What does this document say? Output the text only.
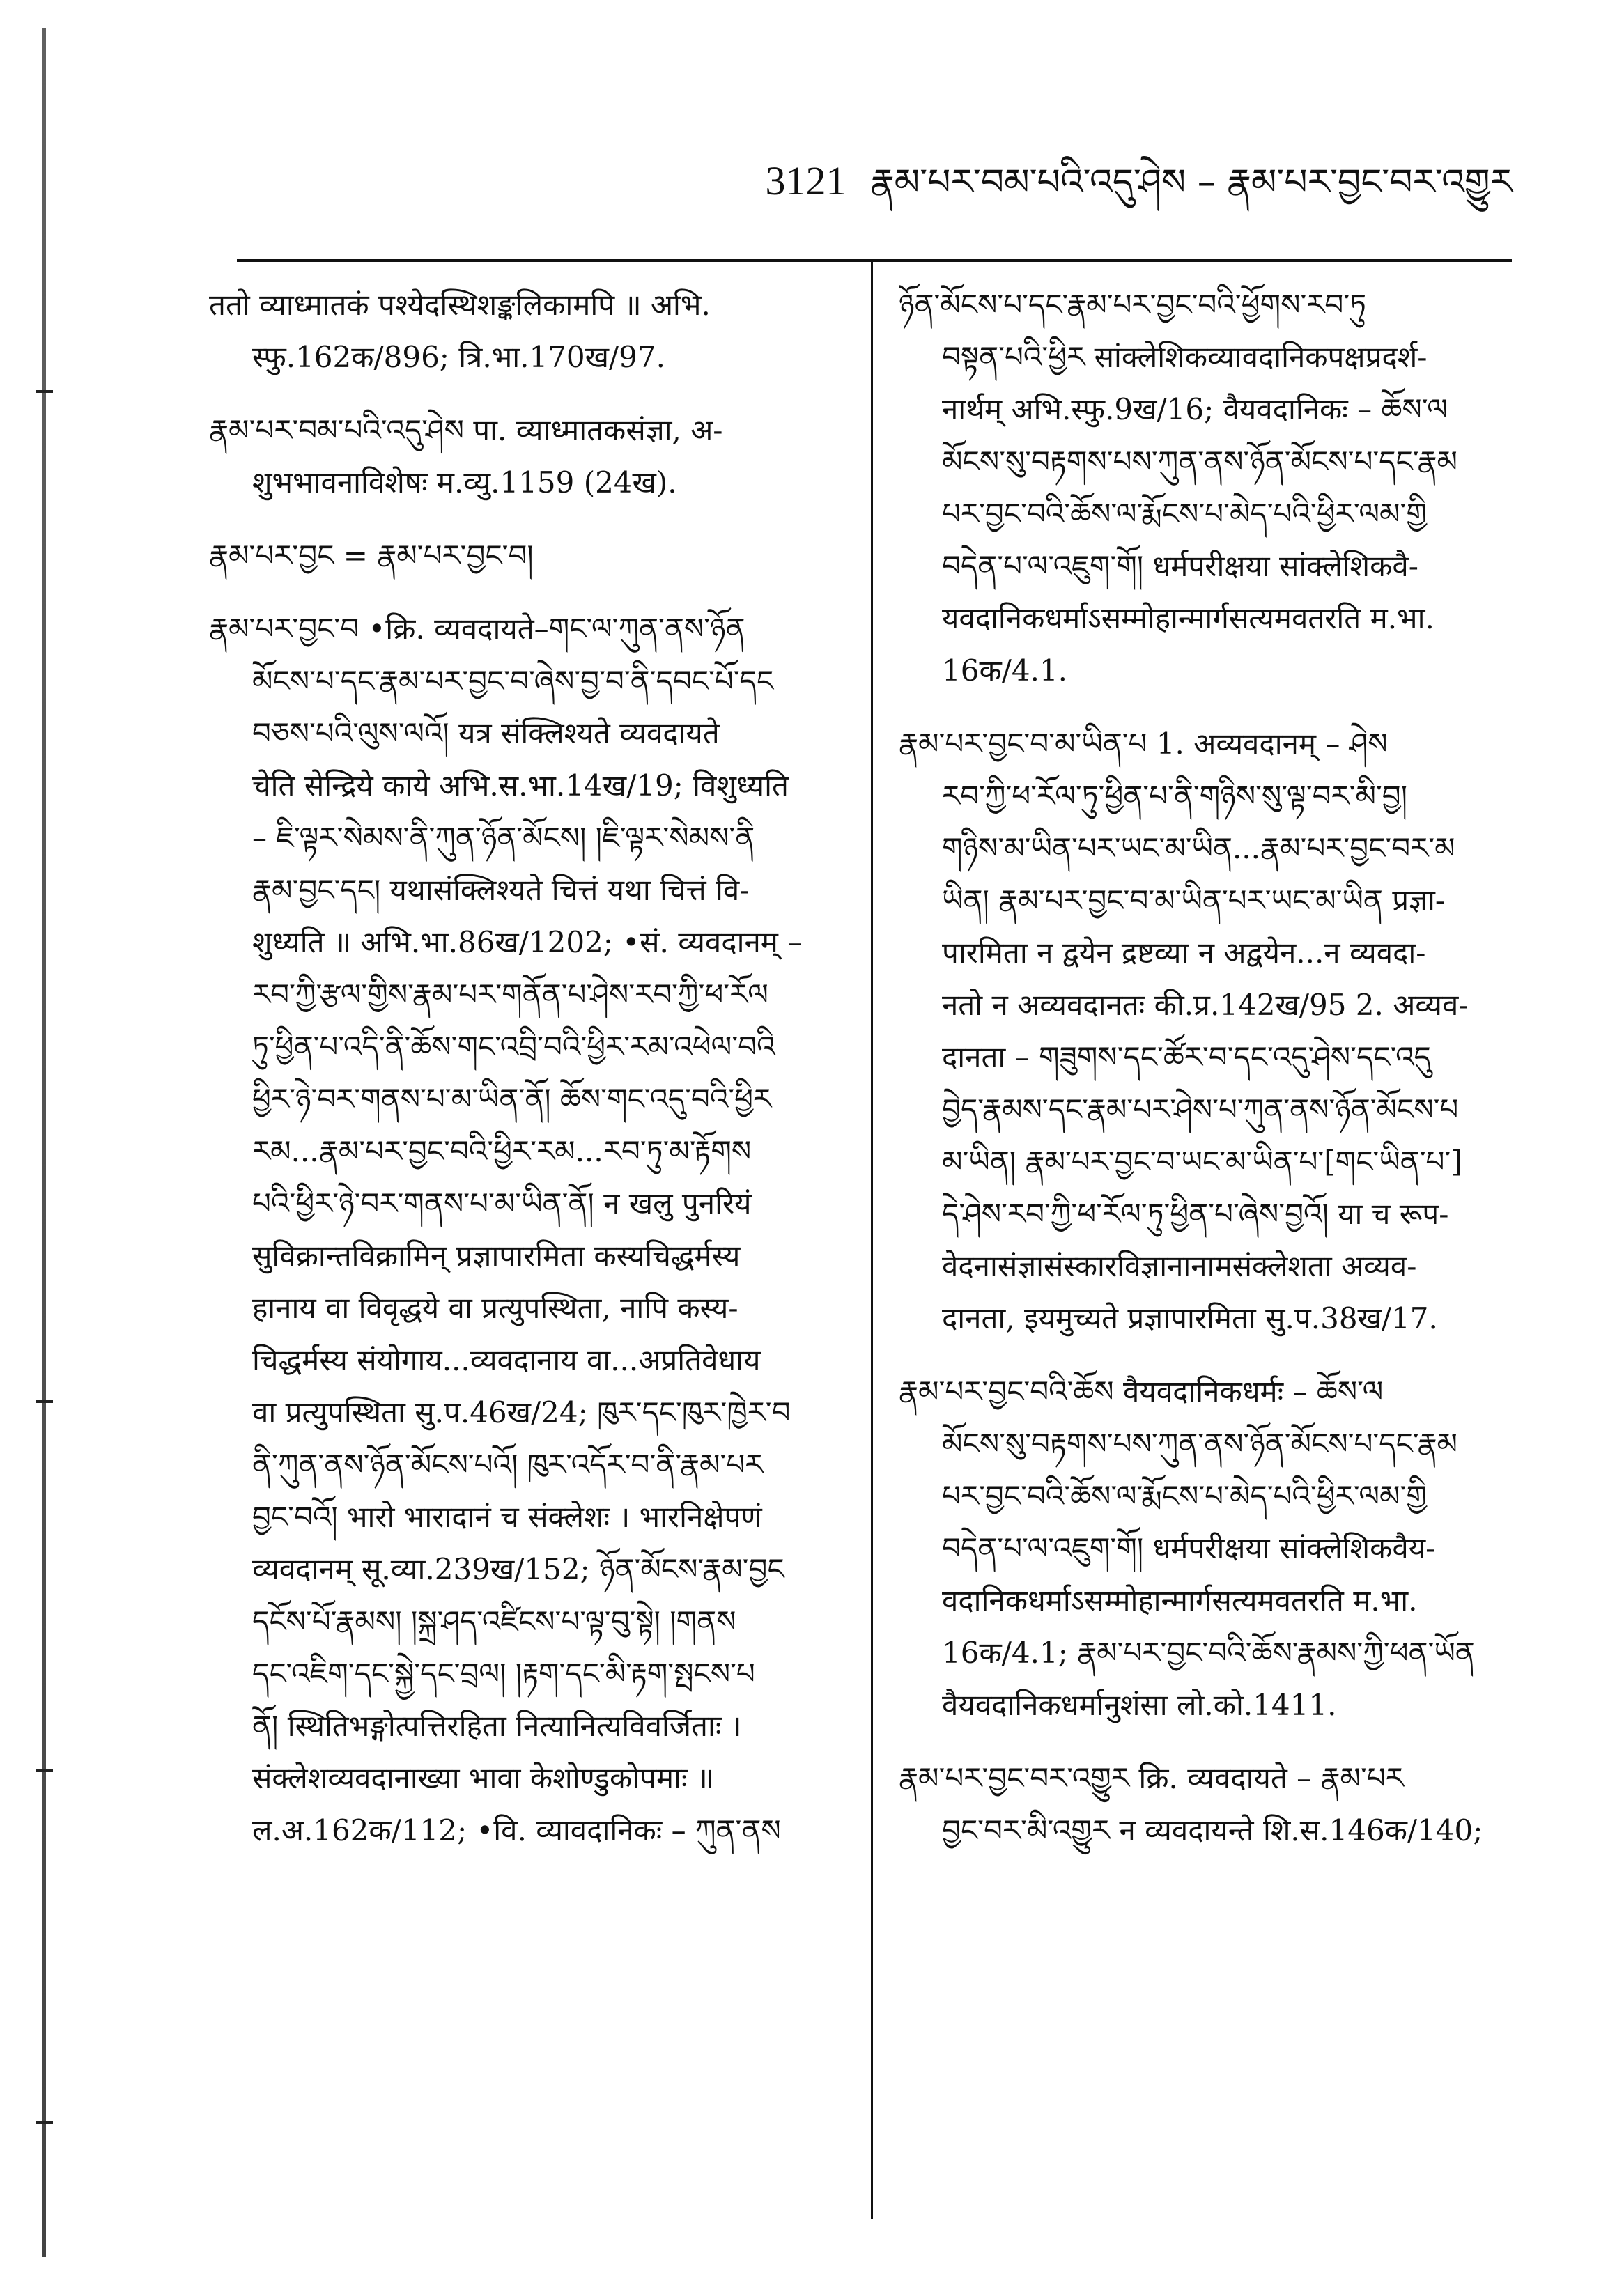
3121 རྣམ་པར་བམ་པའི་འདུ་ཤེས – རྣམ་པར་བྱང་བར་འགྱུར
ततो व्याध्मातकं पश्येदस्थिशङ्कलिकामपि ॥ अभि.
स्फु.162क/896; त्रि.भा.170ख/97.
རྣམ་པར་བམ་པའི་འདུ་ཤེས पा. व्याध्मातकसंज्ञा, अ-
शुभभावनाविशेषः म.व्यु.1159 (24ख).
རྣམ་པར་བྱང = རྣམ་པར་བྱང་བ།
རྣམ་པར་བྱང་བ •क्रि. व्यवदायते–གང་ལ་ཀུན་ནས་ཉོན
མོངས་པ་དང་རྣམ་པར་བྱང་བ་ཞེས་བྱ་བ་ནི་དབང་པོ་དང
བཅས་པའི་ལུས་ལའོ། यत्र संक्लिश्यते व्यवदायते
चेति सेन्द्रिये काये अभि.स.भा.14ख/19; विशुध्यति
– ཇི་ལྟར་སེམས་ནི་ཀུན་ཉོན་མོངས། །ཇི་ལྟར་སེམས་ནི
རྣམ་བྱང་དང། यथासंक्लिश्यते चित्तं यथा चित्तं वि-
शुध्यति ॥ अभि.भा.86ख/1202; •सं. व्यवदानम् –
རབ་ཀྱི་རྩལ་གྱིས་རྣམ་པར་གནོན་པ་ཤེས་རབ་ཀྱི་ཕ་རོལ
ཏུ་ཕྱིན་པ་འདི་ནི་ཆོས་གང་འབྲི་བའི་ཕྱིར་རམ་འཕེལ་བའི
ཕྱིར་ཉེ་བར་གནས་པ་མ་ཡིན་ནོ། ཆོས་གང་འདུ་བའི་ཕྱིར
རམ...རྣམ་པར་བྱང་བའི་ཕྱིར་རམ...རབ་ཏུ་མ་རྟོགས
པའི་ཕྱིར་ཉེ་བར་གནས་པ་མ་ཡིན་ནོ། न खलु पुनरियं
सुविक्रान्तविक्रामिन् प्रज्ञापारमिता कस्यचिद्धर्मस्य
हानाय वा विवृद्धये वा प्रत्युपस्थिता, नापि कस्य-
चिद्धर्मस्य संयोगाय...व्यवदानाय वा...अप्रतिवेधाय
वा प्रत्युपस्थिता सु.प.46ख/24; ཁུར་དང་ཁུར་ཁྱེར་བ
ནི་ཀུན་ནས་ཉོན་མོངས་པའོ། ཁུར་འདོར་བ་ནི་རྣམ་པར
བྱང་བའོ། भारो भारादानं च संक्लेशः । भारनिक्षेपणं
व्यवदानम् सू.व्या.239ख/152; ཉོན་མོངས་རྣམ་བྱང
དངོས་པོ་རྣམས། །སྐྲ་ཤད་འཛིངས་པ་ལྟ་བུ་སྟེ། །གནས
དང་འཇིག་དང་སྐྱེ་དང་བྲལ། །རྟག་དང་མི་རྟག་སྤངས་པ
ནོ། स्थितिभङ्गोत्पत्तिरहिता नित्यानित्यविवर्जिताः ।
संक्लेशव्यवदानाख्या भावा केशोण्डुकोपमाः ॥
ल.अ.162क/112; •वि. व्यावदानिकः – ཀུན་ནས
ཉོན་མོངས་པ་དང་རྣམ་པར་བྱང་བའི་ཕྱོགས་རབ་ཏུ
བསྟན་པའི་ཕྱིར सांक्लेशिकव्यावदानिकपक्षप्रदर्श-
नार्थम् अभि.स्फु.9ख/16; वैयवदानिकः – ཆོས་ལ
མོངས་སུ་བརྟགས་པས་ཀུན་ནས་ཉོན་མོངས་པ་དང་རྣམ
པར་བྱང་བའི་ཆོས་ལ་རྨོངས་པ་མེད་པའི་ཕྱིར་ལམ་གྱི
བདེན་པ་ལ་འཇུག་གོ། धर्मपरीक्षया सांक्लेशिकवै-
यवदानिकधर्माऽसम्मोहान्मार्गसत्यमवतरति म.भा.
16क/4.1.
རྣམ་པར་བྱང་བ་མ་ཡིན་པ 1. अव्यवदानम् – ཤེས
རབ་ཀྱི་ཕ་རོལ་ཏུ་ཕྱིན་པ་ནི་གཉིས་སུ་ལྟ་བར་མི་བྱ།
གཉིས་མ་ཡིན་པར་ཡང་མ་ཡིན...རྣམ་པར་བྱང་བར་མ
ཡིན། རྣམ་པར་བྱང་བ་མ་ཡིན་པར་ཡང་མ་ཡིན प्रज्ञा-
पारमिता न द्वयेन द्रष्टव्या न अद्वयेन...न व्यवदा-
नतो न अव्यवदानतः की.प्र.142ख/95 2. अव्यव-
दानता – གཟུགས་དང་ཚོར་བ་དང་འདུ་ཤེས་དང་འདུ
བྱེད་རྣམས་དང་རྣམ་པར་ཤེས་པ་ཀུན་ནས་ཉོན་མོངས་པ
མ་ཡིན། རྣམ་པར་བྱང་བ་ཡང་མ་ཡིན་པ་[གང་ཡིན་པ་]
དེ་ཤེས་རབ་ཀྱི་ཕ་རོལ་ཏུ་ཕྱིན་པ་ཞེས་བྱའོ། या च रूप-
वेदनासंज्ञासंस्कारविज्ञानानामसंक्लेशता अव्यव-
दानता, इयमुच्यते प्रज्ञापारमिता सु.प.38ख/17.
རྣམ་པར་བྱང་བའི་ཆོས वैयवदानिकधर्मः – ཆོས་ལ
མོངས་སུ་བརྟགས་པས་ཀུན་ནས་ཉོན་མོངས་པ་དང་རྣམ
པར་བྱང་བའི་ཆོས་ལ་རྨོངས་པ་མེད་པའི་ཕྱིར་ལམ་གྱི
བདེན་པ་ལ་འཇུག་གོ། धर्मपरीक्षया सांक्लेशिकवैय-
वदानिकधर्माऽसम्मोहान्मार्गसत्यमवतरति म.भा.
16क/4.1; རྣམ་པར་བྱང་བའི་ཆོས་རྣམས་ཀྱི་ཕན་ཡོན
वैयवदानिकधर्मानुशंसा लो.को.1411.
རྣམ་པར་བྱང་བར་འགྱུར क्रि. व्यवदायते – རྣམ་པར
བྱང་བར་མི་འགྱུར न व्यवदायन्ते शि.स.146क/140;
